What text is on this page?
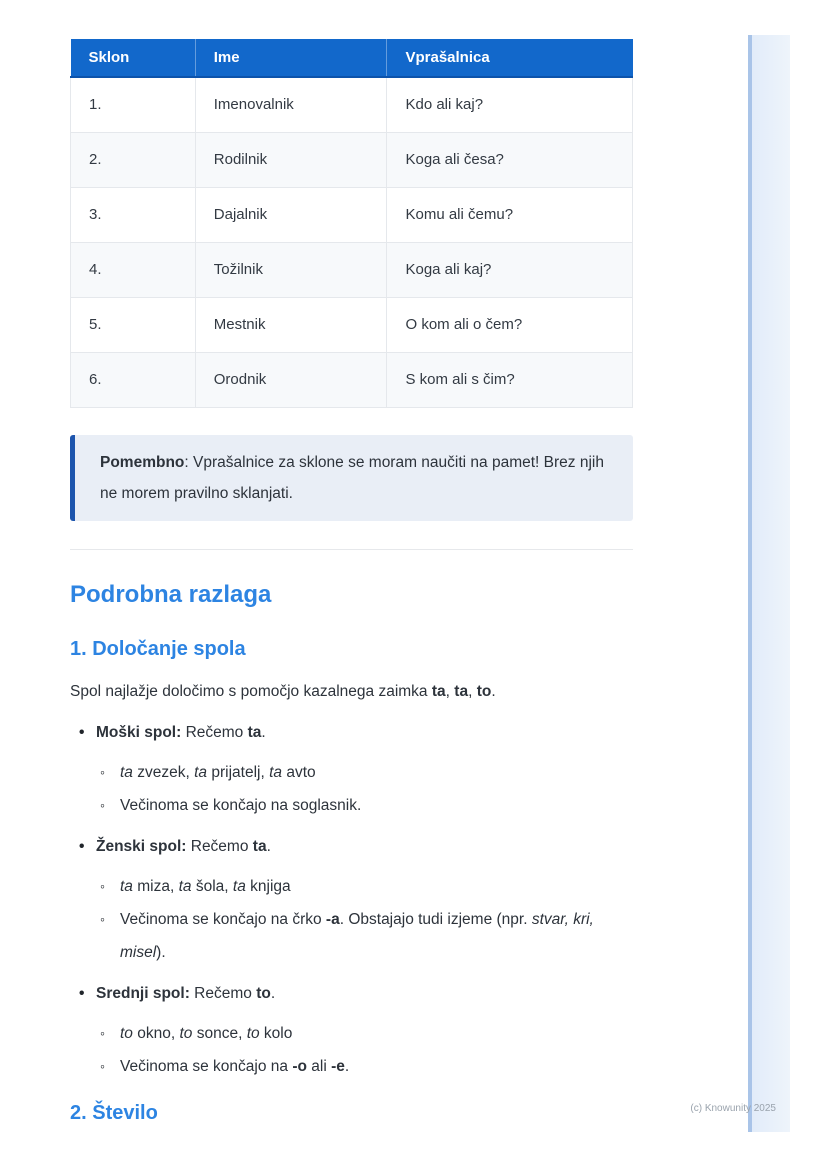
Sklon	Ime	Vprašalnica
1.	Imenovalnik	Kdo ali kaj?
2.	Rodilnik	Koga ali česa?
3.	Dajalnik	Komu ali čemu?
4.	Tožilnik	Koga ali kaj?
5.	Mestnik	O kom ali o čem?
6.	Orodnik	S kom ali s čim?

Pomembno: Vprašalnice za sklone se moram naučiti na pamet! Brez njih ne morem pravilno sklanjati.

Podrobna razlaga
1. Določanje spola

Spol najlažje določimo s pomočjo kazalnega zaimka ta, ta, to.

• Moški spol: Rečemo ta.
◦ ta zvezek, ta prijatelj, ta avto
◦ Večinoma se končajo na soglasnik.
• Ženski spol: Rečemo ta.
◦ ta miza, ta šola, ta knjiga
◦ Večinoma se končajo na črko -a. Obstajajo tudi izjeme (npr. stvar, kri, misel).
• Srednji spol: Rečemo to.
◦ to okno, to sonce, to kolo
◦ Večinoma se končajo na -o ali -e.
2. Število	(c) Knowunity 2025
